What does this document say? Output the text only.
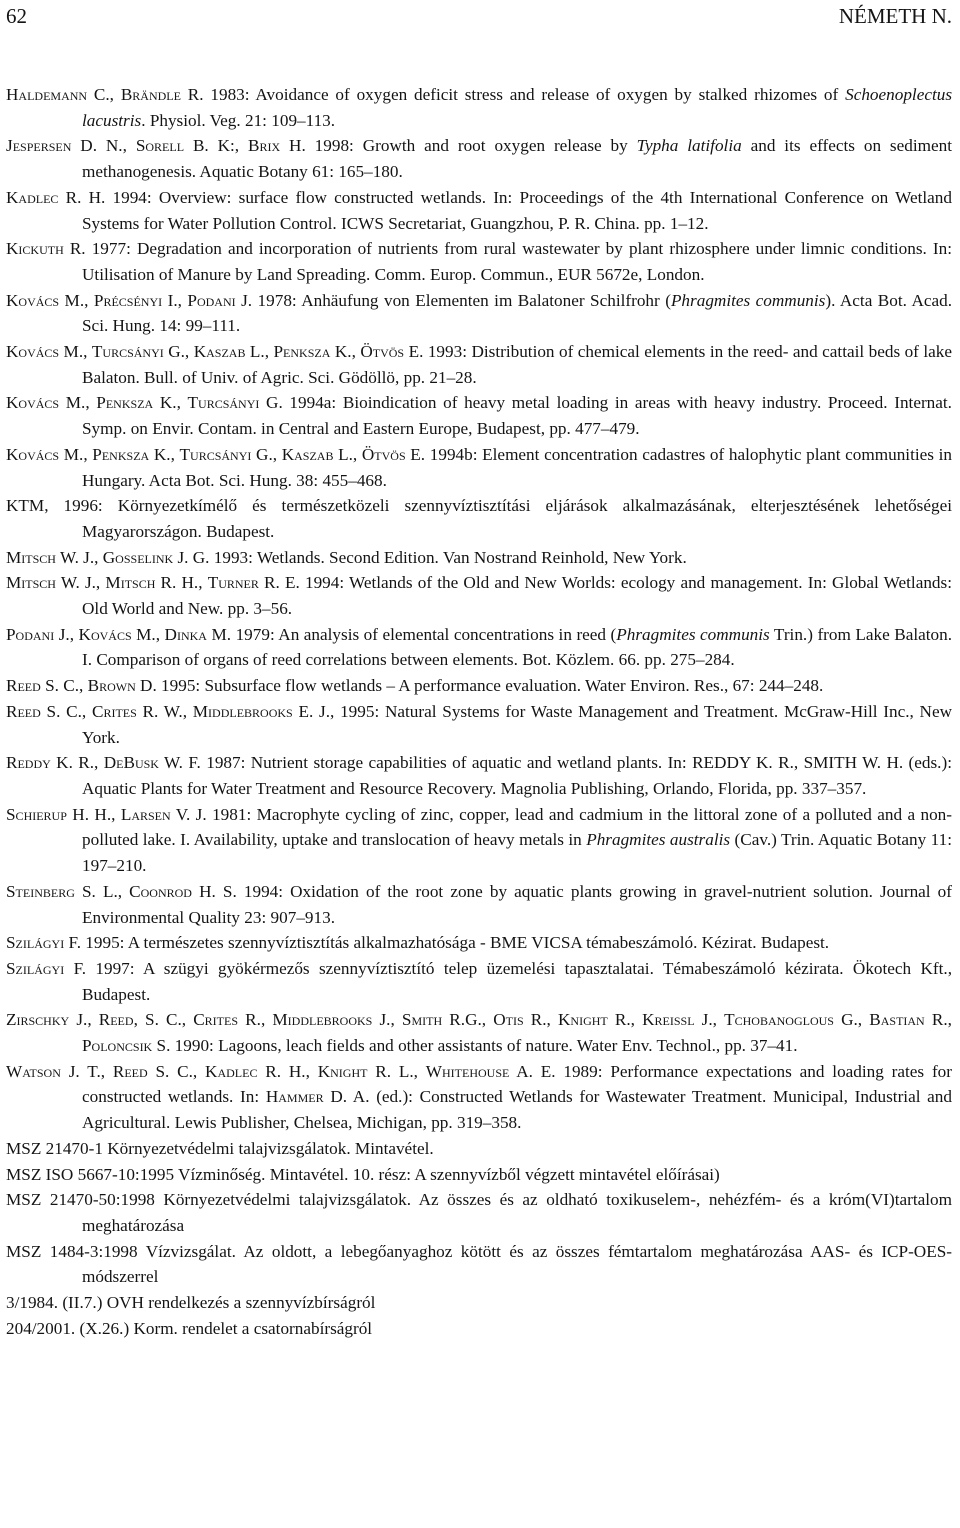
62	NÉMETH N.
Haldemann C., Brändle R. 1983: Avoidance of oxygen deficit stress and release of oxygen by stalked rhizomes of Schoenoplectus lacustris. Physiol. Veg. 21: 109–113.
Jespersen D. N., Sorell B. K:, Brix H. 1998: Growth and root oxygen release by Typha latifolia and its effects on sediment methanogenesis. Aquatic Botany 61: 165–180.
Kadlec R. H. 1994: Overview: surface flow constructed wetlands. In: Proceedings of the 4th International Conference on Wetland Systems for Water Pollution Control. ICWS Secretariat, Guangzhou, P. R. China. pp. 1–12.
Kickuth R. 1977: Degradation and incorporation of nutrients from rural wastewater by plant rhizosphere under limnic conditions. In: Utilisation of Manure by Land Spreading. Comm. Europ. Commun., EUR 5672e, London.
Kovács M., Précsényi I., Podani J. 1978: Anhäufung von Elementen im Balatoner Schilfrohr (Phragmites communis). Acta Bot. Acad. Sci. Hung. 14: 99–111.
Kovács M., Turcsányi G., Kaszab L., Penksza K., Ötvös E. 1993: Distribution of chemical elements in the reed- and cattail beds of lake Balaton. Bull. of Univ. of Agric. Sci. Gödöllö, pp. 21–28.
Kovács M., Penksza K., Turcsányi G. 1994a: Bioindication of heavy metal loading in areas with heavy industry. Proceed. Internat. Symp. on Envir. Contam. in Central and Eastern Europe, Budapest, pp. 477–479.
Kovács M., Penksza K., Turcsányi G., Kaszab L., Ötvös E. 1994b: Element concentration cadastres of halophytic plant communities in Hungary. Acta Bot. Sci. Hung. 38: 455–468.
KTM, 1996: Környezetkímélő és természetközeli szennyvíztisztítási eljárások alkalmazásának, elterjesztésének lehetőségei Magyarországon. Budapest.
Mitsch W. J., Gosselink J. G. 1993: Wetlands. Second Edition. Van Nostrand Reinhold, New York.
Mitsch W. J., Mitsch R. H., Turner R. E. 1994: Wetlands of the Old and New Worlds: ecology and management. In: Global Wetlands: Old World and New. pp. 3–56.
Podani J., Kovács M., Dinka M. 1979: An analysis of elemental concentrations in reed (Phragmites communis Trin.) from Lake Balaton. I. Comparison of organs of reed correlations between elements. Bot. Közlem. 66. pp. 275–284.
Reed S. C., Brown D. 1995: Subsurface flow wetlands – A performance evaluation. Water Environ. Res., 67: 244–248.
Reed S. C., Crites R. W., Middlebrooks E. J., 1995: Natural Systems for Waste Management and Treatment. McGraw-Hill Inc., New York.
Reddy K. R., DeBusk W. F. 1987: Nutrient storage capabilities of aquatic and wetland plants. In: REDDY K. R., SMITH W. H. (eds.): Aquatic Plants for Water Treatment and Resource Recovery. Magnolia Publishing, Orlando, Florida, pp. 337–357.
Schierup H. H., Larsen V. J. 1981: Macrophyte cycling of zinc, copper, lead and cadmium in the littoral zone of a polluted and a non-polluted lake. I. Availability, uptake and translocation of heavy metals in Phragmites australis (Cav.) Trin. Aquatic Botany 11: 197–210.
Steinberg S. L., Coonrod H. S. 1994: Oxidation of the root zone by aquatic plants growing in gravel-nutrient solution. Journal of Environmental Quality 23: 907–913.
Szilágyi F. 1995: A természetes szennyvíztisztítás alkalmazhatósága - BME VICSA témabeszámoló. Kézirat. Budapest.
Szilágyi F. 1997: A szügyi gyökérmezős szennyvíztisztító telep üzemelési tapasztalatai. Témabeszámoló kézirata. Ökotech Kft., Budapest.
Zirschky J., Reed, S. C., Crites R., Middlebrooks J., Smith R.G., Otis R., Knight R., Kreissl J., Tchobanoglous G., Bastian R., Poloncsik S. 1990: Lagoons, leach fields and other assistants of nature. Water Env. Technol., pp. 37–41.
Watson J. T., Reed S. C., Kadlec R. H., Knight R. L., Whitehouse A. E. 1989: Performance expectations and loading rates for constructed wetlands. In: Hammer D. A. (ed.): Constructed Wetlands for Wastewater Treatment. Municipal, Industrial and Agricultural. Lewis Publisher, Chelsea, Michigan, pp. 319–358.
MSZ 21470-1 Környezetvédelmi talajvizsgálatok. Mintavétel.
MSZ ISO 5667-10:1995 Vízminőség. Mintavétel. 10. rész: A szennyvízből végzett mintavétel előírásai)
MSZ 21470-50:1998 Környezetvédelmi talajvizsgálatok. Az összes és az oldható toxikuselem-, nehézfém- és a króm(VI)tartalom meghatározása
MSZ 1484-3:1998 Vízvizsgálat. Az oldott, a lebegőanyaghoz kötött és az összes fémtartalom meghatározása AAS- és ICP-OES-módszerrel
3/1984. (II.7.) OVH rendelkezés a szennyvízbírságról
204/2001. (X.26.) Korm. rendelet a csatornabírságról
